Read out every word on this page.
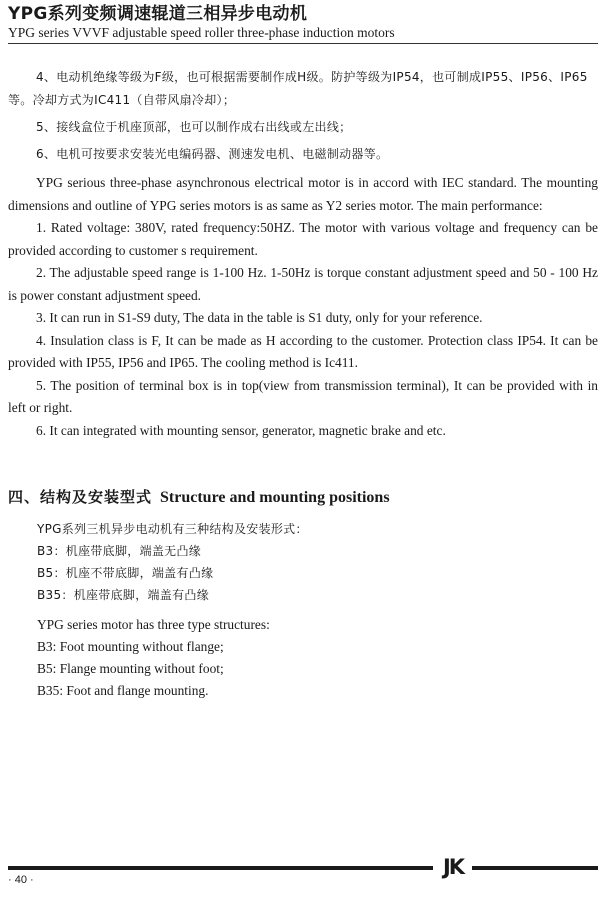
YPG系列变频调速辊道三相异步电动机
YPG series VVVF adjustable speed roller three-phase induction motors

4、电动机绝缘等级为F级，也可根据需要制作成H级。防护等级为IP54，也可制成IP55、IP56、IP65等。冷却方式为IC411（自带风扇冷却）；

5、接线盒位于机座顶部，也可以制作成右出线或左出线；

6、电机可按要求安装光电编码器、测速发电机、电磁制动器等。

YPG serious three-phase asynchronous electrical motor is in accord with IEC standard. The mounting dimensions and outline of YPG series motors is as same as Y2 series motor. The main performance:

1. Rated voltage: 380V, rated frequency:50HZ. The motor with various voltage and frequency can be provided according to customer s requirement.

2. The adjustable speed range is 1-100 Hz. 1-50Hz is torque constant adjustment speed and 50 - 100 Hz is power constant adjustment speed.

3. It can run in S1-S9 duty, The data in the table is S1 duty, only for your reference.

4. Insulation class is F, It can be made as H according to the customer. Protection class IP54. It can be provided with IP55, IP56 and IP65. The cooling method is Ic411.

5. The position of terminal box is in top(view from transmission terminal), It can be provided with in left or right.

6. It can integrated with mounting sensor, generator, magnetic brake and etc.

四、结构及安装型式 Structure and mounting positions
YPG系列三机异步电动机有三种结构及安装形式：
B3：机座带底脚，端盖无凸缘
B5：机座不带底脚，端盖有凸缘
B35：机座带底脚，端盖有凸缘
YPG series motor has three type structures:
B3: Foot mounting without flange;
B5: Flange mounting without foot;
B35: Foot and flange mounting.
JK
· 40 ·
